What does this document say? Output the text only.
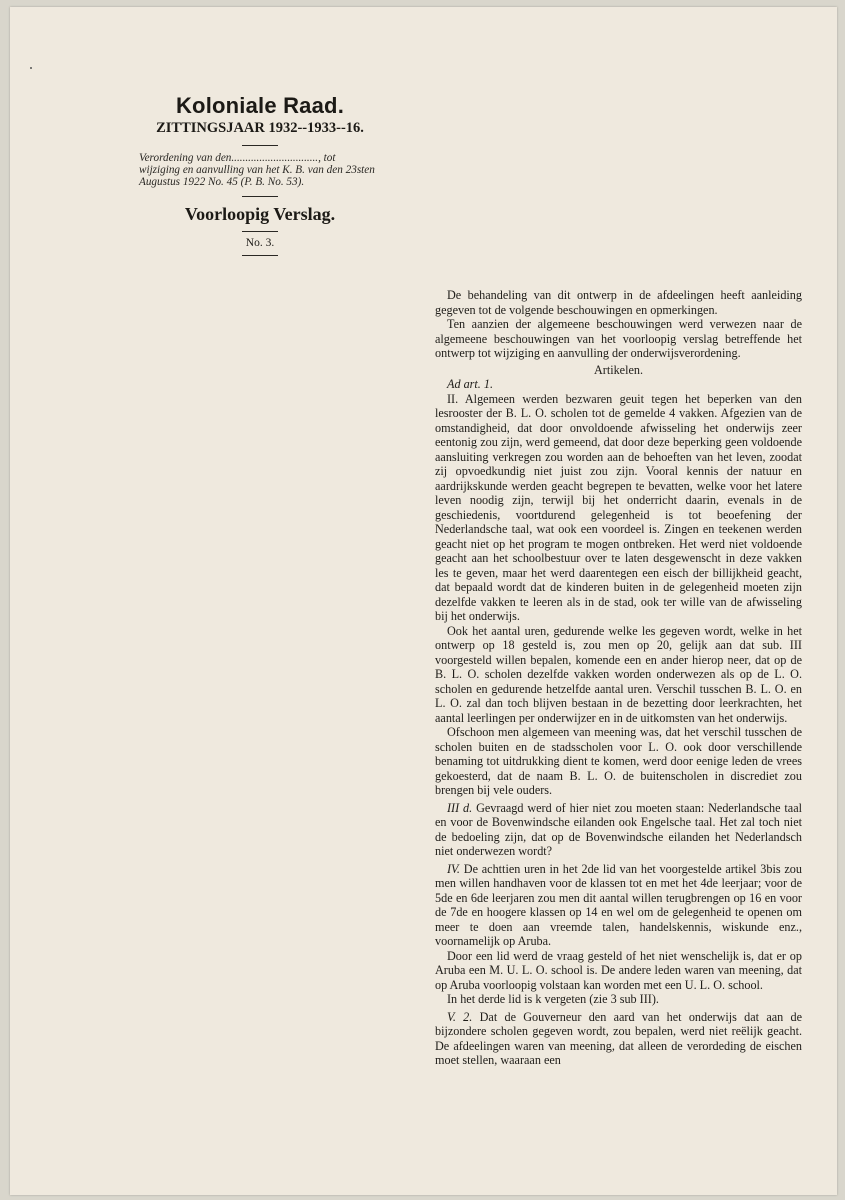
Koloniale Raad.
ZITTINGSJAAR 1932--1933--16.
Verordening van den..............................., tot wijziging en aanvulling van het K. B. van den 23sten Augustus 1922 No. 45 (P. B. No. 53).
Voorloopig Verslag.
No. 3.

De behandeling van dit ontwerp in de afdeelingen heeft aanleiding gegeven tot de volgende beschouwingen en opmerkingen.

Ten aanzien der algemeene beschouwingen werd verwezen naar de algemeene beschouwingen van het voorloopig verslag betreffende het ontwerp tot wijziging en aanvulling der onderwijsverordening.

Artikelen.

Ad art. 1.

II. Algemeen werden bezwaren geuit tegen het beperken van den lesrooster der B. L. O. scholen tot de gemelde 4 vakken. Afgezien van de omstandigheid, dat door onvoldoende afwisseling het onderwijs zeer eentonig zou zijn, werd gemeend, dat door deze beperking geen voldoende aansluiting verkregen zou worden aan de behoeften van het leven, zoodat zij opvoedkundig niet juist zou zijn. Vooral kennis der natuur en aardrijkskunde werden geacht begrepen te bevatten, welke voor het latere leven noodig zijn, terwijl bij het onderricht daarin, evenals in de geschiedenis, voortdurend gelegenheid is tot beoefening der Nederlandsche taal, wat ook een voordeel is. Zingen en teekenen werden geacht niet op het program te mogen ontbreken. Het werd niet voldoende geacht aan het schoolbestuur over te laten desgewenscht in deze vakken les te geven, maar het werd daarentegen een eisch der billijkheid geacht, dat bepaald wordt dat de kinderen buiten in de gelegenheid moeten zijn dezelfde vakken te leeren als in de stad, ook ter wille van de afwisseling bij het onderwijs.

Ook het aantal uren, gedurende welke les gegeven wordt, welke in het ontwerp op 18 gesteld is, zou men op 20, gelijk aan dat sub. III voorgesteld willen bepalen, komende een en ander hierop neer, dat op de B. L. O. scholen dezelfde vakken worden onderwezen als op de L. O. scholen en gedurende hetzelfde aantal uren. Verschil tusschen B. L. O. en L. O. zal dan toch blijven bestaan in de bezetting door leerkrachten, het aantal leerlingen per onderwijzer en in de uitkomsten van het onderwijs.

Ofschoon men algemeen van meening was, dat het verschil tusschen de scholen buiten en de stadsscholen voor L. O. ook door verschillende benaming tot uitdrukking dient te komen, werd door eenige leden de vrees gekoesterd, dat de naam B. L. O. de buitenscholen in discrediet zou brengen bij vele ouders.

III d. Gevraagd werd of hier niet zou moeten staan: Nederlandsche taal en voor de Bovenwindsche eilanden ook Engelsche taal. Het zal toch niet de bedoeling zijn, dat op de Bovenwindsche eilanden het Nederlandsch niet onderwezen wordt?

IV. De achttien uren in het 2de lid van het voorgestelde artikel 3bis zou men willen handhaven voor de klassen tot en met het 4de leerjaar; voor de 5de en 6de leerjaren zou men dit aantal willen terugbrengen op 16 en voor de 7de en hoogere klassen op 14 en wel om de gelegenheid te openen om meer te doen aan vreemde talen, handelskennis, wiskunde enz., voornamelijk op Aruba.

Door een lid werd de vraag gesteld of het niet wenschelijk is, dat er op Aruba een M. U. L. O. school is. De andere leden waren van meening, dat op Aruba voorloopig volstaan kan worden met een U. L. O. school.

In het derde lid is k vergeten (zie 3 sub III).

V. 2. Dat de Gouverneur den aard van het onderwijs dat aan de bijzondere scholen gegeven wordt, zou bepalen, werd niet reëlijk geacht. De afdeelingen waren van meening, dat alleen de verordeding de eischen moet stellen, waaraan een
